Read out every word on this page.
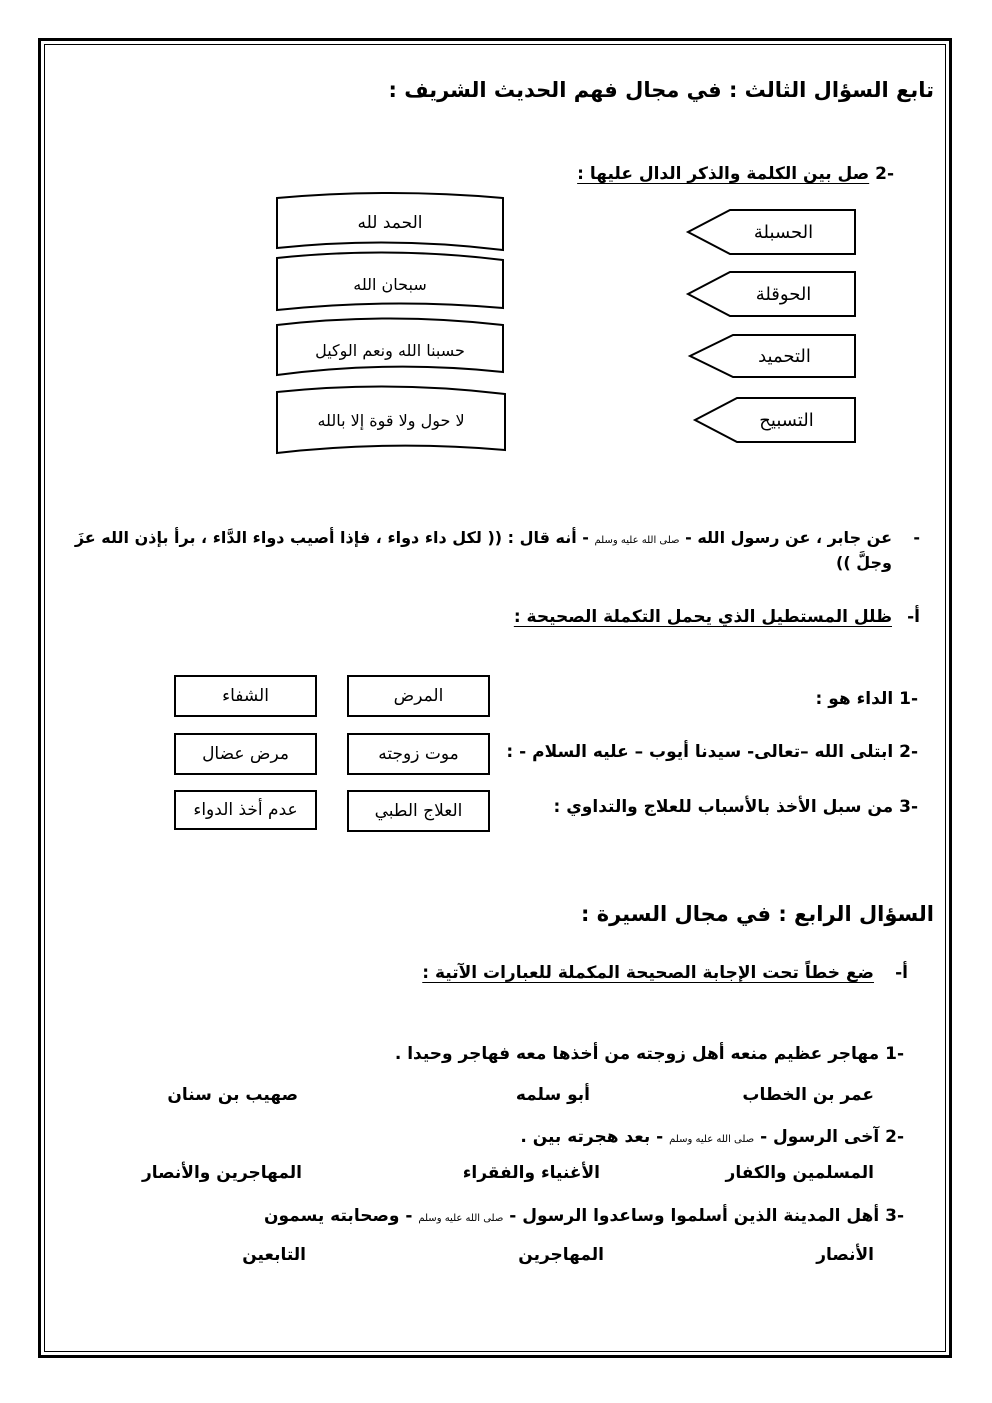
تابع السؤال الثالث : في مجال فهم الحديث الشريف :
-2 صل بين الكلمة والذكر الدال عليها :
الحسبلة
الحوقلة
التحميد
التسبيح
الحمد لله
سبحان الله
حسبنا الله ونعم الوكيل
لا حول ولا قوة إلا بالله
-
عن جابر ، عن رسول الله - صلى الله عليه وسلم - أنه قال : (( لكل داء دواء ، فإذا أصيب دواء الدَّاء ، برأ بإذن الله عزَ
وجلَّ ))
أ-
ظلل المستطيل الذي يحمل التكملة الصحيحة :
-1 الداء هو :
-2 ابتلى الله –تعالى- سيدنا أيوب – عليه السلام - :
-3 من سبل الأخذ بالأسباب للعلاج والتداوي :
المرض
الشفاء
موت زوجته
مرض عضال
العلاج الطبي
عدم أخذ الدواء
السؤال الرابع : في مجال السيرة :
أ-
ضع خطاً تحت الإجابة الصحيحة المكملة للعبارات الآتية :
-1 مهاجر عظيم منعه أهل زوجته من أخذها معه فهاجر وحيدا .
عمر بن الخطاب
أبو سلمه
صهيب بن سنان
-2 آخى الرسول - صلى الله عليه وسلم - بعد هجرته بين .
المسلمين والكفار
الأغنياء والفقراء
المهاجرين والأنصار
-3 أهل المدينة الذين أسلموا وساعدوا الرسول - صلى الله عليه وسلم - وصحابته يسمون
الأنصار
المهاجرين
التابعين
